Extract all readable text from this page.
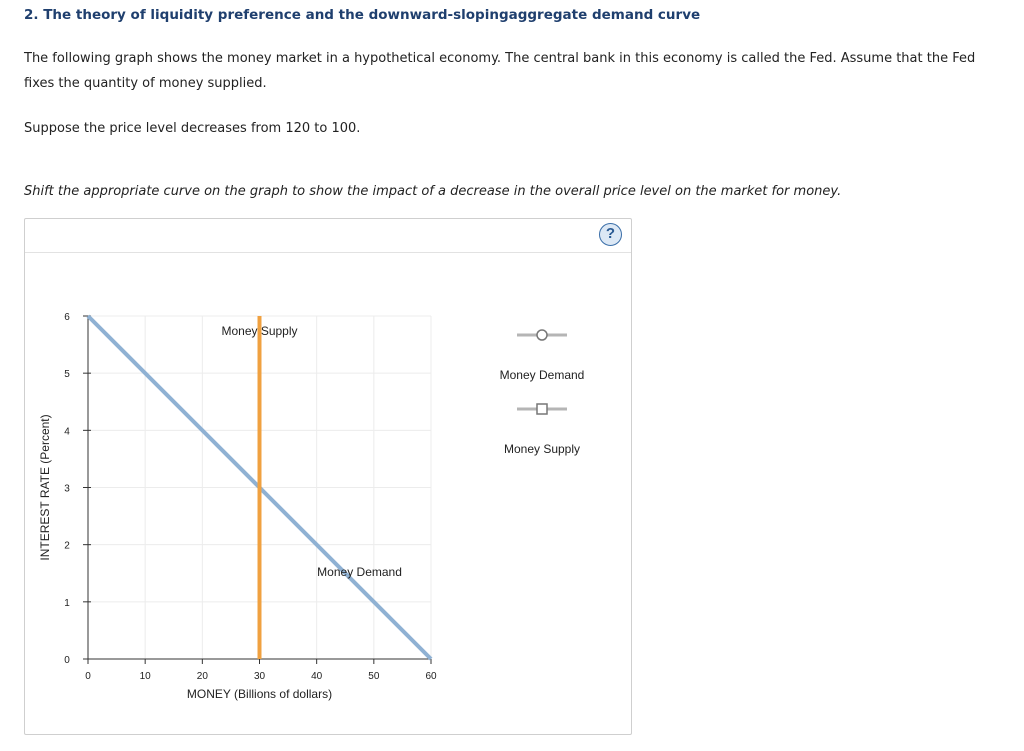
2. The theory of liquidity preference and the downward-slopingaggregate demand curve

The following graph shows the money market in a hypothetical economy. The central bank in this economy is called the Fed. Assume that the Fed fixes the quantity of money supplied.

Suppose the price level decreases from 120 to 100.

Shift the appropriate curve on the graph to show the impact of a decrease in the overall price level on the market for money.

?
0	10	20	30	40	50	60
0
1
2
3
4
5
6
Money Demand
Money Supply
MONEY (Billions of dollars)
INTEREST RATE (Percent)
Money Demand
Money Supply
